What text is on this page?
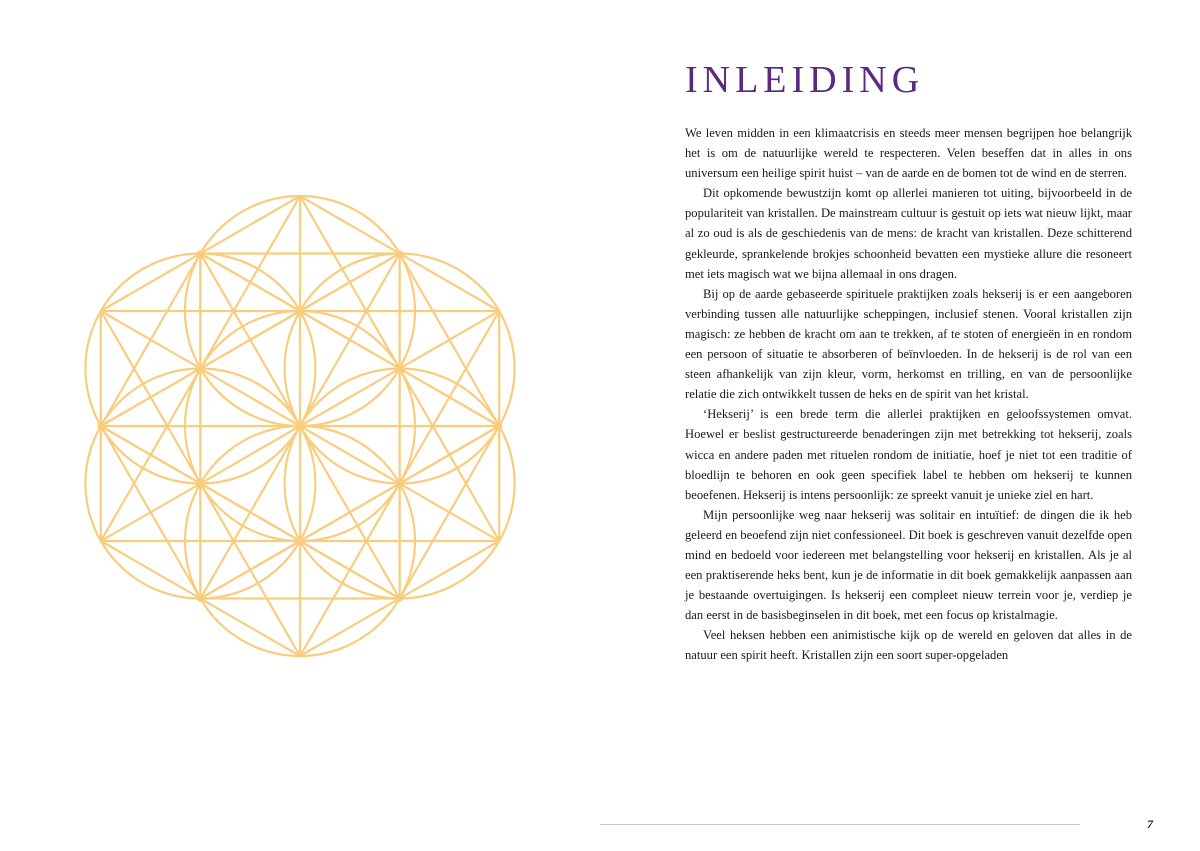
INLEIDING

We leven midden in een klimaatcrisis en steeds meer mensen begrijpen hoe belangrijk het is om de natuurlijke wereld te respecteren. Velen beseffen dat in alles in ons universum een heilige spirit huist – van de aarde en de bomen tot de wind en de sterren.

Dit opkomende bewustzijn komt op allerlei manieren tot uiting, bijvoorbeeld in de populariteit van kristallen. De mainstream cultuur is gestuit op iets wat nieuw lijkt, maar al zo oud is als de geschiedenis van de mens: de kracht van kristallen. Deze schitterend gekleurde, sprankelende brokjes schoonheid bevatten een mystieke allure die resoneert met iets magisch wat we bijna allemaal in ons dragen.

Bij op de aarde gebaseerde spirituele praktijken zoals hekserij is er een aangeboren verbinding tussen alle natuurlijke scheppingen, inclusief stenen. Vooral kristallen zijn magisch: ze hebben de kracht om aan te trekken, af te stoten of energieën in en rondom een persoon of situatie te absorberen of beïnvloeden. In de hekserij is de rol van een steen afhankelijk van zijn kleur, vorm, herkomst en trilling, en van de persoonlijke relatie die zich ontwikkelt tussen de heks en de spirit van het kristal.

‘Hekserij’ is een brede term die allerlei praktijken en geloofssystemen omvat. Hoewel er beslist gestructureerde benaderingen zijn met betrekking tot hekserij, zoals wicca en andere paden met rituelen rondom de initiatie, hoef je niet tot een traditie of bloedlijn te behoren en ook geen specifiek label te hebben om hekserij te kunnen beoefenen. Hekserij is intens persoonlijk: ze spreekt vanuit je unieke ziel en hart.

Mijn persoonlijke weg naar hekserij was solitair en intuïtief: de dingen die ik heb geleerd en beoefend zijn niet confessioneel. Dit boek is geschreven vanuit dezelfde open mind en bedoeld voor iedereen met belangstelling voor hekserij en kristallen. Als je al een praktiserende heks bent, kun je de informatie in dit boek gemakkelijk aanpassen aan je bestaande overtuigingen. Is hekserij een compleet nieuw terrein voor je, verdiep je dan eerst in de basisbeginselen in dit boek, met een focus op kristalmagie.

Veel heksen hebben een animistische kijk op de wereld en geloven dat alles in de natuur een spirit heeft. Kristallen zijn een soort super-opgeladen

7
